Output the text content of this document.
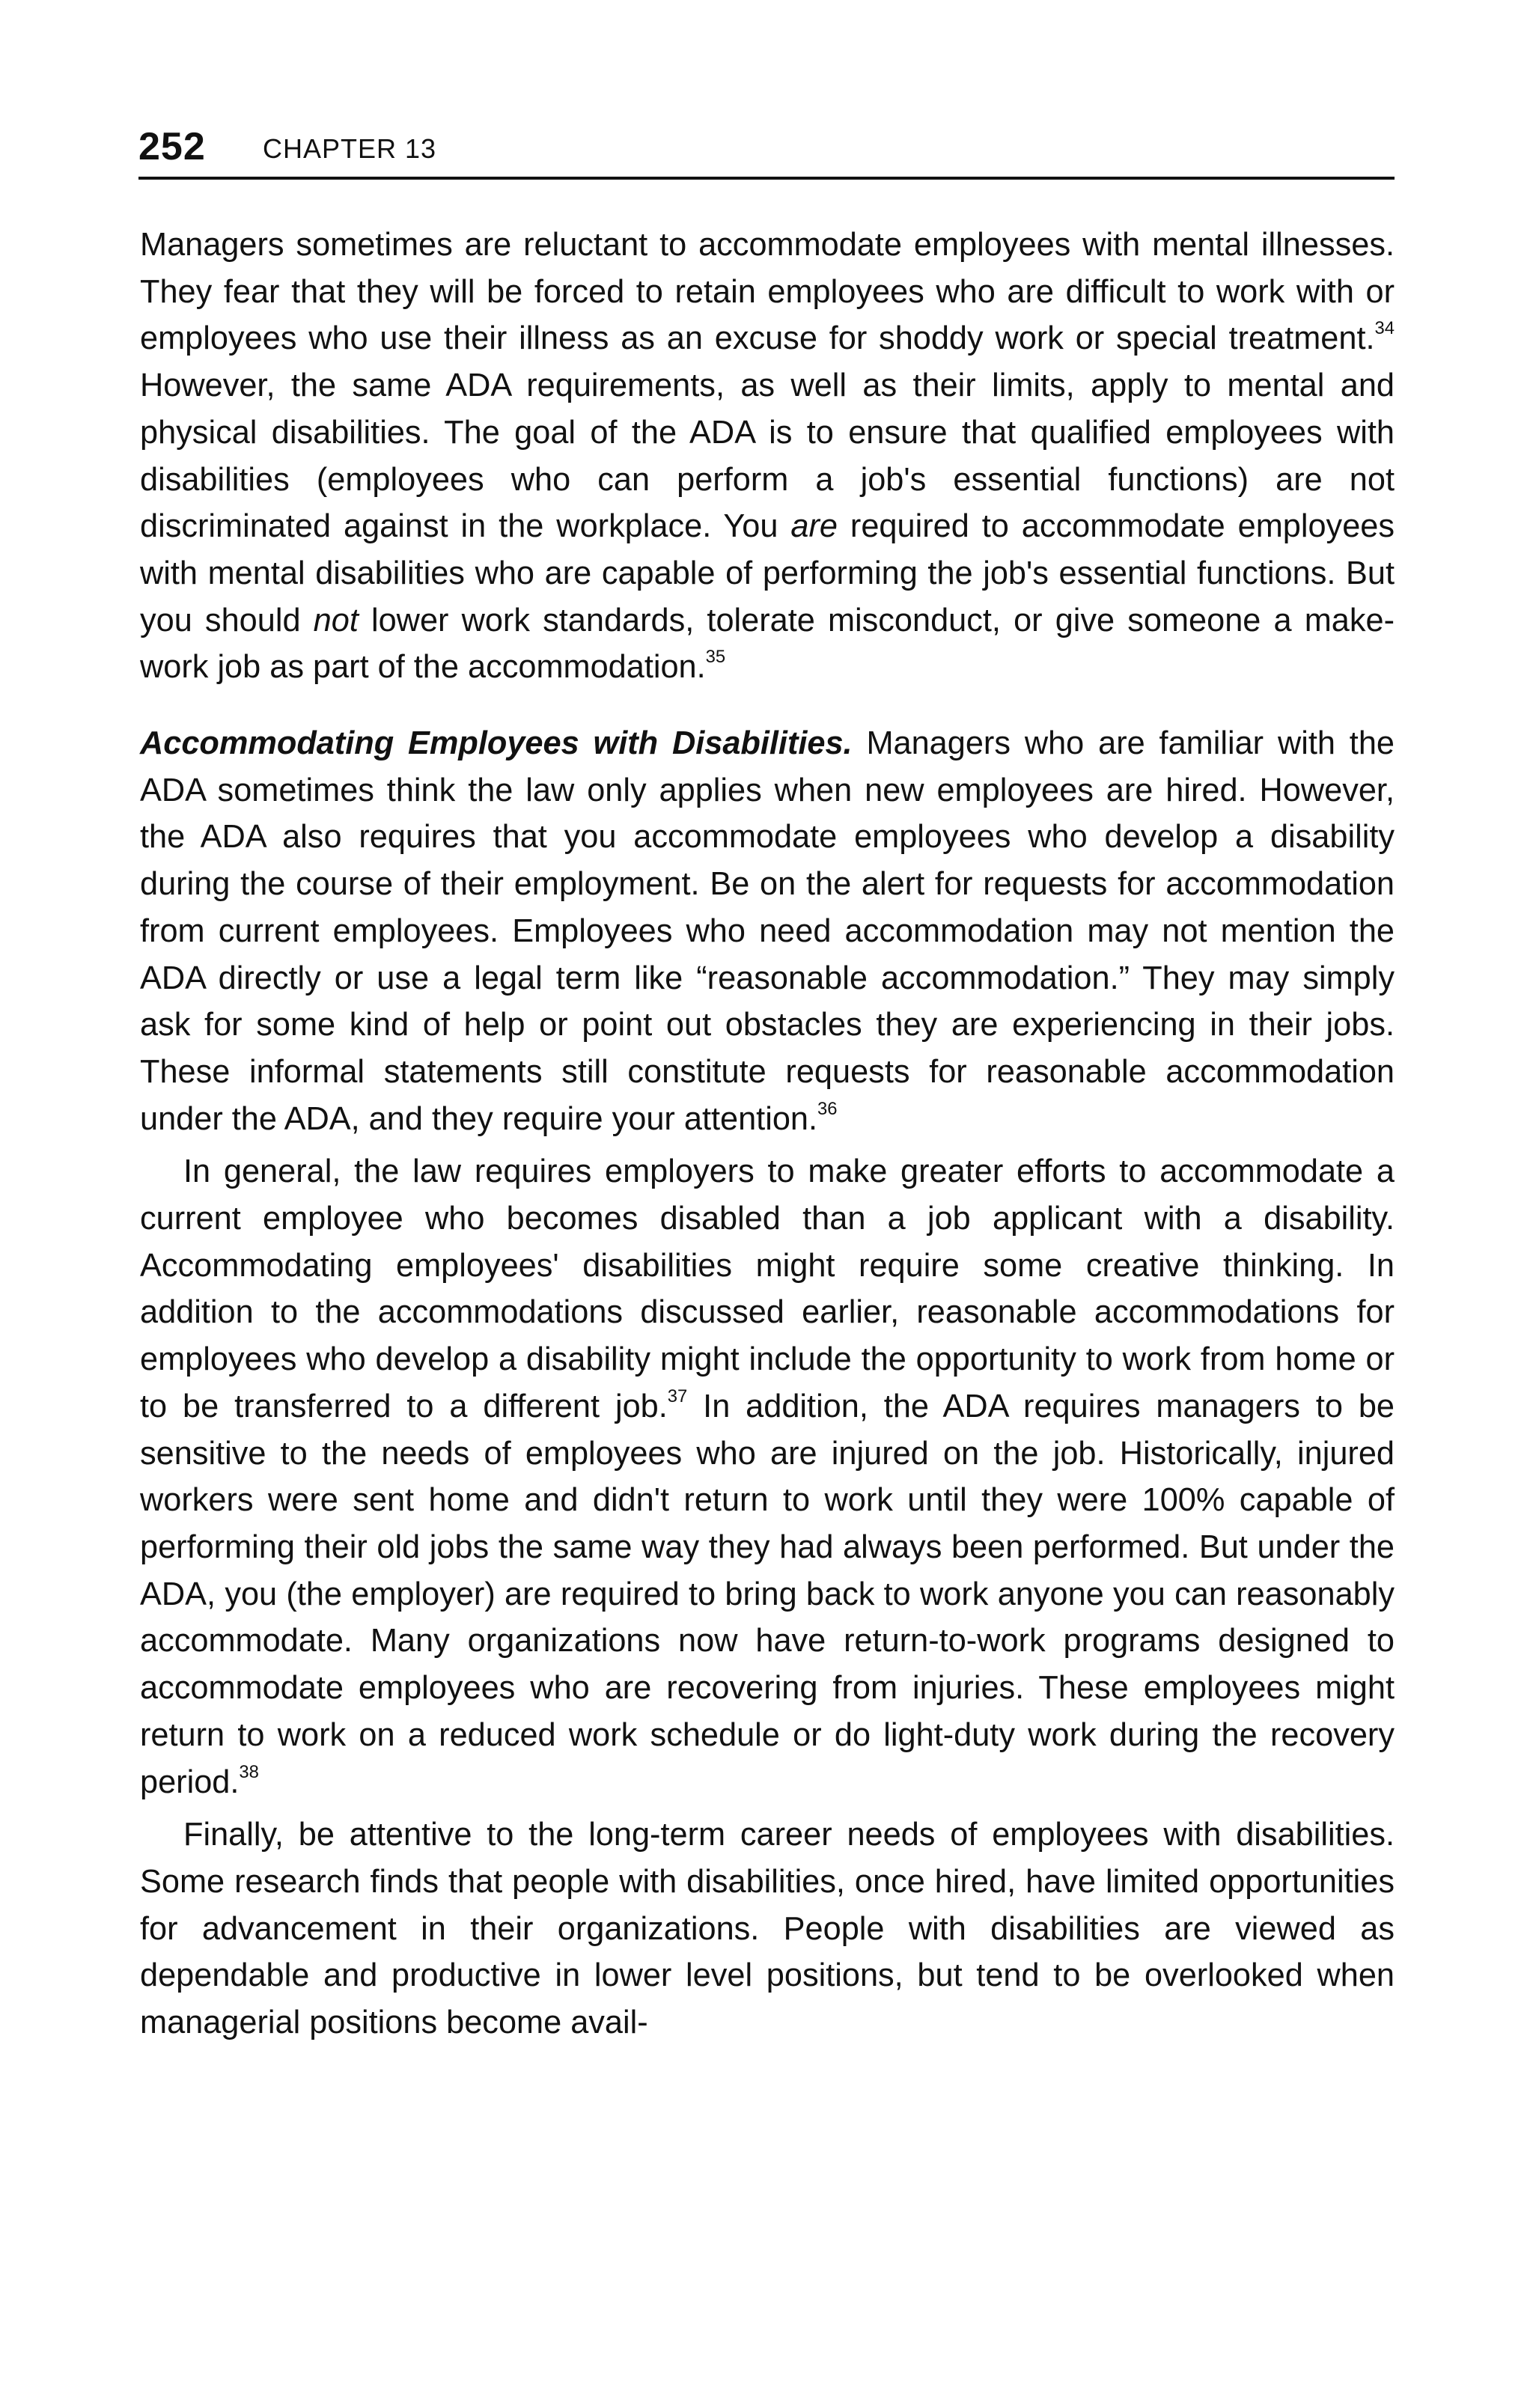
252 CHAPTER 13

Managers sometimes are reluctant to accommodate employees with mental illnesses. They fear that they will be forced to retain employees who are difficult to work with or employees who use their illness as an excuse for shoddy work or special treatment.$^{34}$ However, the same ADA requirements, as well as their limits, apply to mental and physical disabilities. The goal of the ADA is to ensure that qualified employees with disabilities (employees who can perform a job's essential functions) are not discriminated against in the workplace. You are required to accommodate employees with mental disabilities who are capable of performing the job's essential functions. But you should not lower work standards, tolerate misconduct, or give someone a make-work job as part of the accommodation.$^{35}$

Accommodating Employees with Disabilities. Managers who are familiar with the ADA sometimes think the law only applies when new employees are hired. However, the ADA also requires that you accommodate employees who develop a disability during the course of their employment. Be on the alert for requests for accommodation from current employees. Employees who need accommodation may not mention the ADA directly or use a legal term like “reasonable accommodation.” They may simply ask for some kind of help or point out obstacles they are experiencing in their jobs. These informal statements still constitute requests for reasonable accommodation under the ADA, and they require your attention.$^{36}$

In general, the law requires employers to make greater efforts to accommodate a current employee who becomes disabled than a job applicant with a disability. Accommodating employees' disabilities might require some creative thinking. In addition to the accommodations discussed earlier, reasonable accommodations for employees who develop a disability might include the opportunity to work from home or to be transferred to a different job.$^{37}$ In addition, the ADA requires managers to be sensitive to the needs of employees who are injured on the job. Historically, injured workers were sent home and didn't return to work until they were 100% capable of performing their old jobs the same way they had always been performed. But under the ADA, you (the employer) are required to bring back to work anyone you can reasonably accommodate. Many organizations now have return-to-work programs designed to accommodate employees who are recovering from injuries. These employees might return to work on a reduced work schedule or do light-duty work during the recovery period.$^{38}$

Finally, be attentive to the long-term career needs of employees with disabilities. Some research finds that people with disabilities, once hired, have limited opportunities for advancement in their organizations. People with disabilities are viewed as dependable and productive in lower level positions, but tend to be overlooked when managerial positions become avail-
